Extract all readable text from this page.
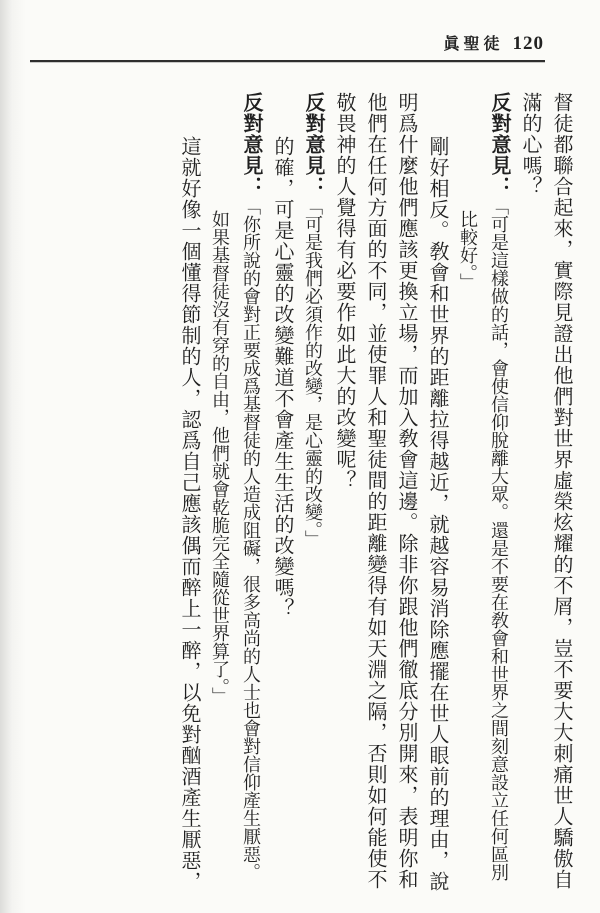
眞聖徒 120

督徒都聯合起來，實際見證出他們對世界虛榮炫耀的不屑，豈不要大大刺痛世人驕傲自滿的心嗎？

反對意見：「可是這樣做的話，會使信仰脫離大眾。還是不要在敎會和世界之間刻意設立任何區別比較好。」

剛好相反。敎會和世界的距離拉得越近，就越容易消除應擺在世人眼前的理由，說明爲什麼他們應該更換立場，而加入敎會這邊。除非你跟他們徹底分別開來，表明你和他們在任何方面的不同，並使罪人和聖徒間的距離變得有如天淵之隔，否則如何能使不敬畏神的人覺得有必要作如此大的改變呢？

反對意見：「可是我們必須作的改變，是心靈的改變。」

的確，可是心靈的改變難道不會產生生活的改變嗎？

反對意見：「你所說的會對正要成爲基督徒的人造成阻礙，很多高尚的人士也會對信仰產生厭惡。如果基督徒沒有穿的自由，他們就會乾脆完全隨從世界算了。」

這就好像一個懂得節制的人，認爲自己應該偶而醉上一醉，以免對酗酒產生厭惡，
